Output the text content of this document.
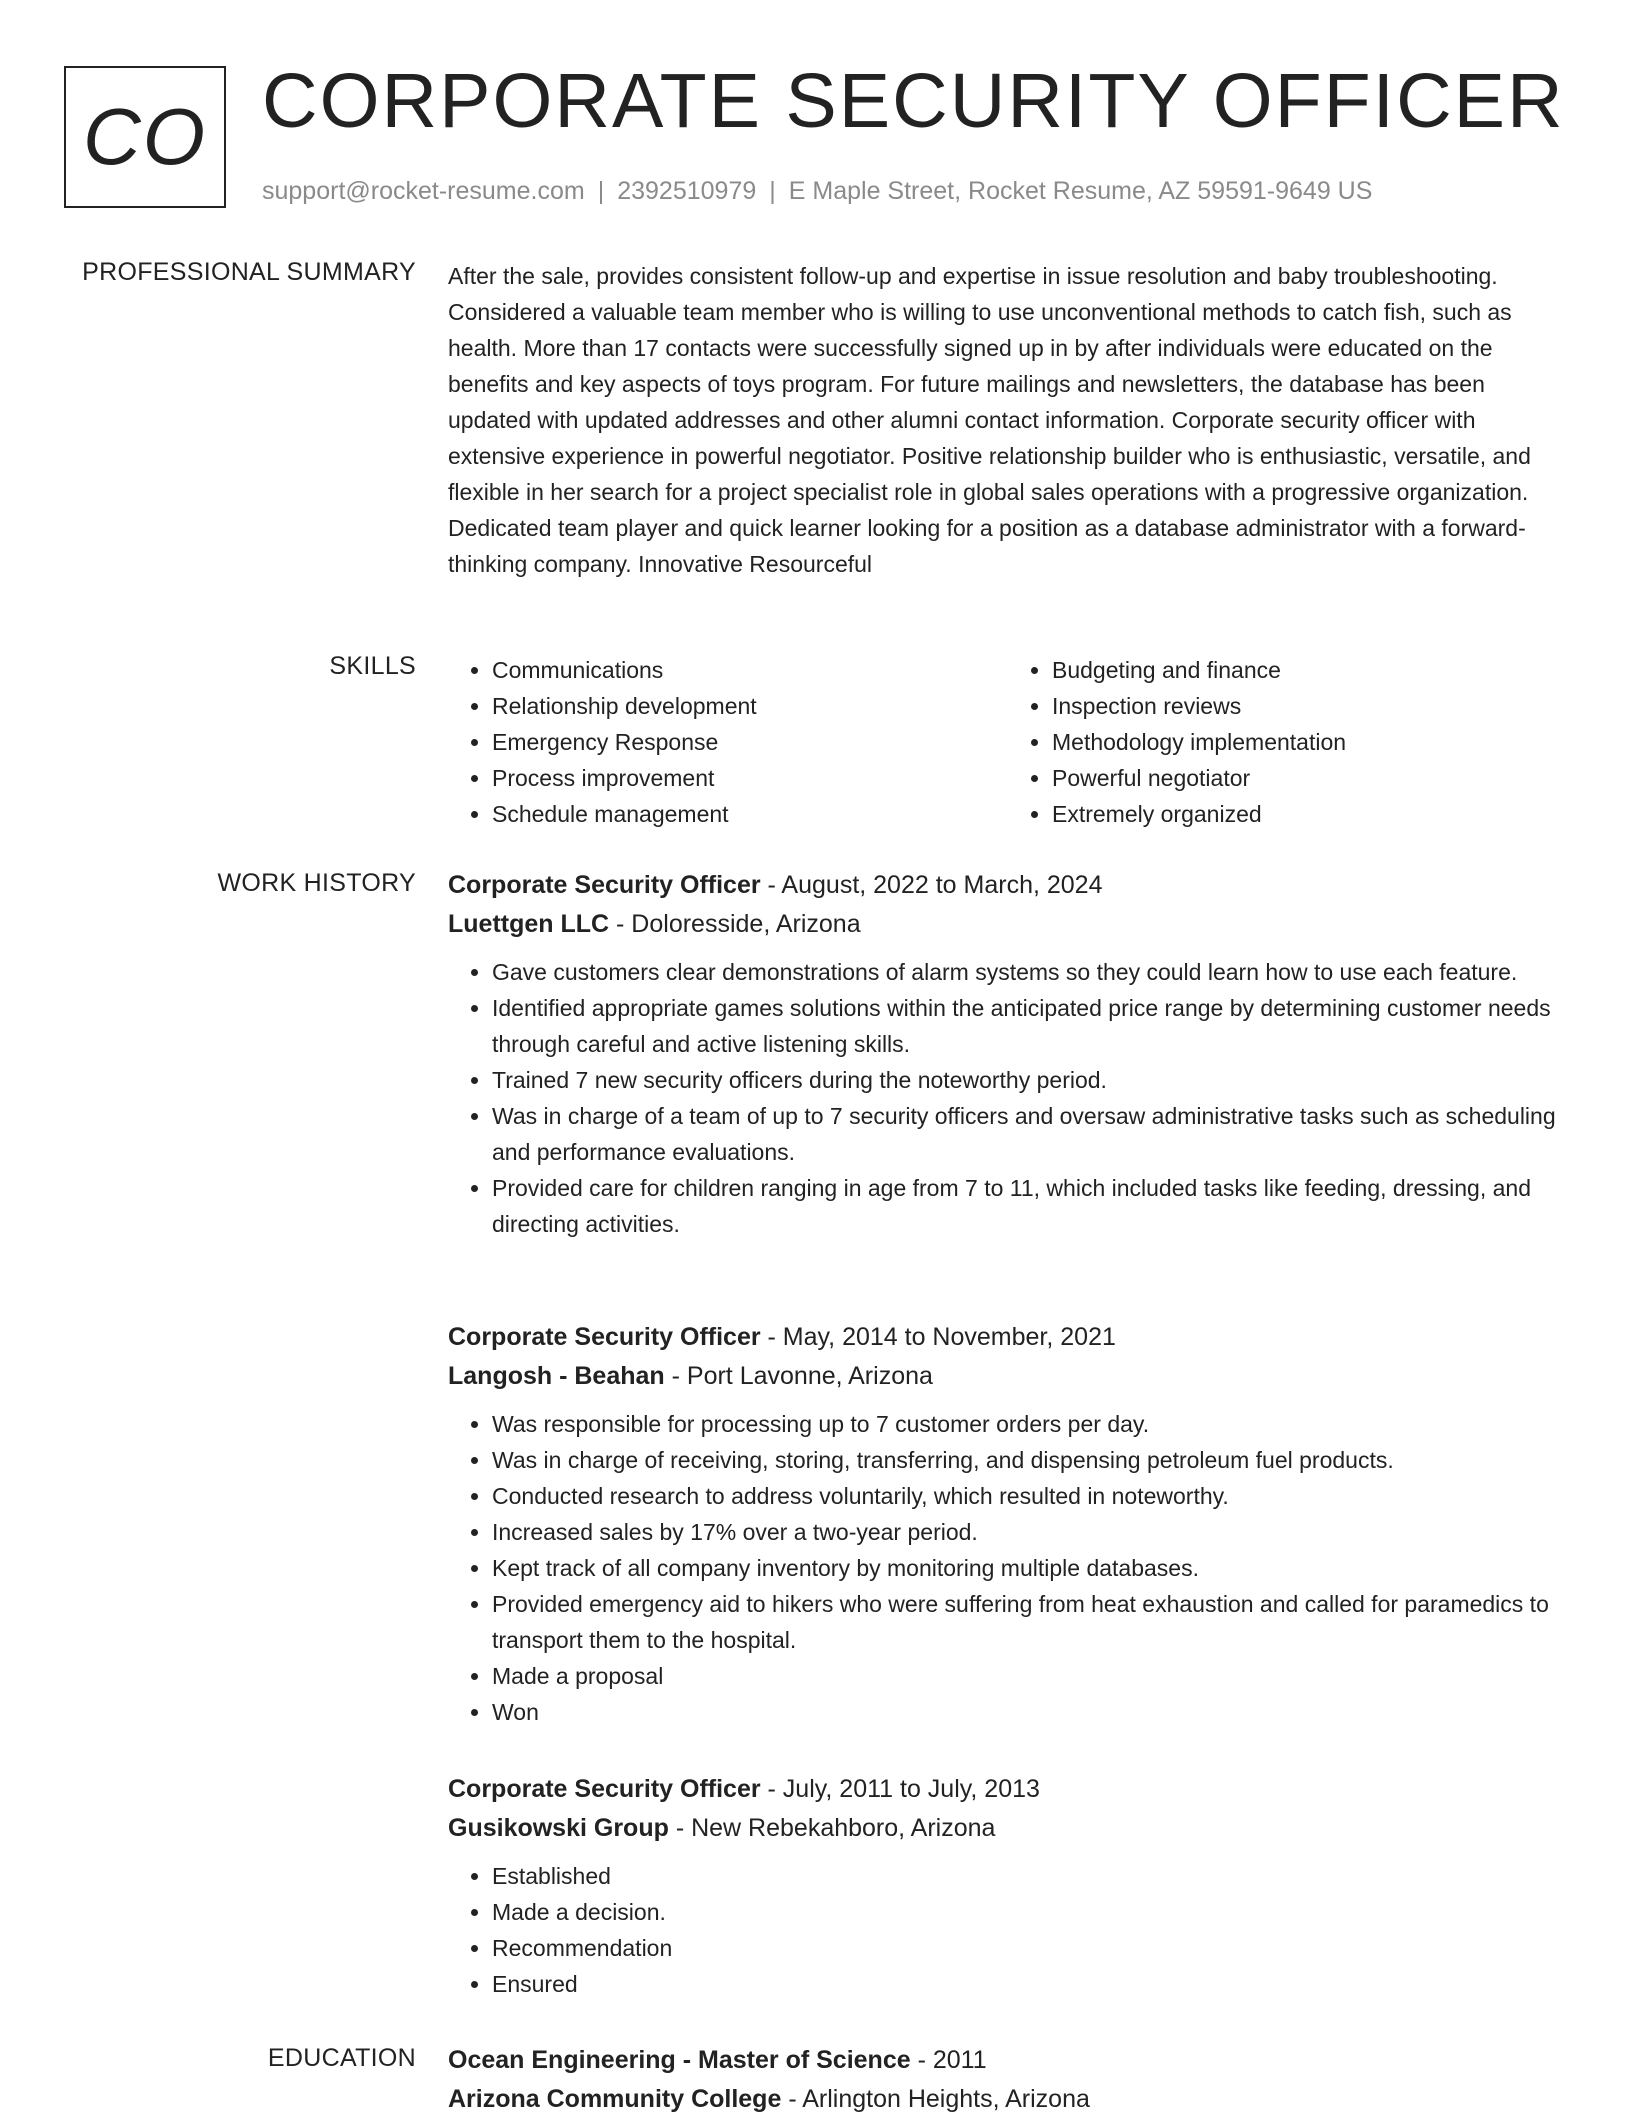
CO CORPORATE SECURITY OFFICER
support@rocket-resume.com | 2392510979 | E Maple Street, Rocket Resume, AZ 59591-9649 US
PROFESSIONAL SUMMARY After the sale, provides consistent follow-up and expertise in issue resolution and baby troubleshooting. Considered a valuable team member who is willing to use unconventional methods to catch fish, such as health. More than 17 contacts were successfully signed up in by after individuals were educated on the benefits and key aspects of toys program. For future mailings and newsletters, the database has been updated with updated addresses and other alumni contact information. Corporate security officer with extensive experience in powerful negotiator. Positive relationship builder who is enthusiastic, versatile, and flexible in her search for a project specialist role in global sales operations with a progressive organization. Dedicated team player and quick learner looking for a position as a database administrator with a forward-thinking company. Innovative Resourceful

SKILLS
•	Communications
• Relationship development
• Emergency Response
• Process improvement
• Schedule management
• Budgeting and finance
• Inspection reviews
• Methodology implementation
• Powerful negotiator
• Extremely organized
WORK HISTORY Corporate Security Officer - August, 2022 to March, 2024
Luettgen LLC - Doloresside, Arizona
• Gave customers clear demonstrations of alarm systems so they could learn how to use each feature.
• Identified appropriate games solutions within the anticipated price range by determining customer needs through careful and active listening skills.
• Trained 7 new security officers during the noteworthy period.
• Was in charge of a team of up to 7 security officers and oversaw administrative tasks such as scheduling and performance evaluations.
• Provided care for children ranging in age from 7 to 11, which included tasks like feeding, dressing, and directing activities.
Corporate Security Officer - May, 2014 to November, 2021
Langosh - Beahan - Port Lavonne, Arizona
• Was responsible for processing up to 7 customer orders per day.
• Was in charge of receiving, storing, transferring, and dispensing petroleum fuel products.
• Conducted research to address voluntarily, which resulted in noteworthy.
• Increased sales by 17% over a two-year period.
• Kept track of all company inventory by monitoring multiple databases.
• Provided emergency aid to hikers who were suffering from heat exhaustion and called for paramedics to transport them to the hospital.
• Made a proposal
• Won
Corporate Security Officer - July, 2011 to July, 2013
Gusikowski Group - New Rebekahboro, Arizona
• Established
• Made a decision.
• Recommendation
• Ensured
EDUCATION Ocean Engineering - Master of Science - 2011
Arizona Community College - Arlington Heights, Arizona
